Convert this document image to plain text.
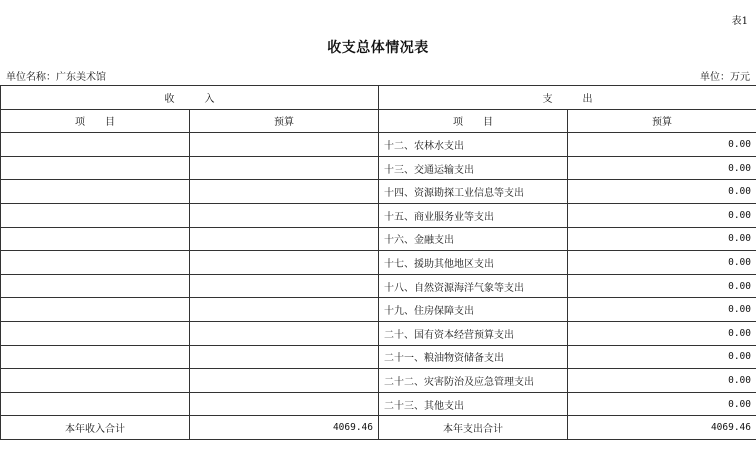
表1
收支总体情况表
单位名称：广东美术馆	单位：万元
收　　　入		支　　　出	
项　　目	预算	项　　目	预算
		十二、农林水支出	0.00
		十三、交通运输支出	0.00
		十四、资源勘探工业信息等支出	0.00
		十五、商业服务业等支出	0.00
		十六、金融支出	0.00
		十七、援助其他地区支出	0.00
		十八、自然资源海洋气象等支出	0.00
		十九、住房保障支出	0.00
		二十、国有资本经营预算支出	0.00
		二十一、粮油物资储备支出	0.00
		二十二、灾害防治及应急管理支出	0.00
		二十三、其他支出	0.00
本年收入合计	4069.46	本年支出合计	4069.46
